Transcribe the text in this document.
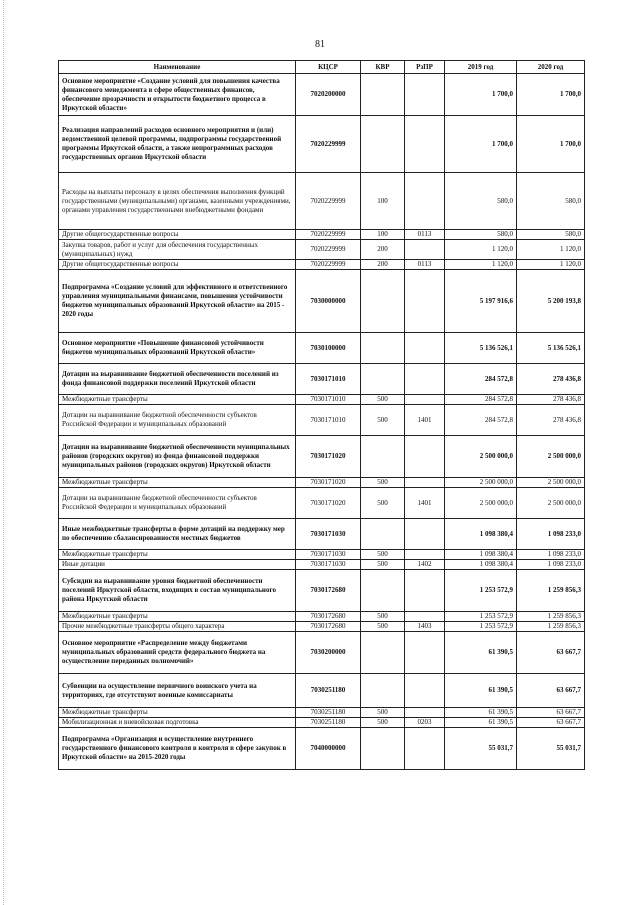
81
Наименование	КЦСР	КВР	РзПР	2019 год	2020 год
Основное мероприятие «Создание условий для повышения качества финансового менеджмента в сфере общественных финансов, обеспечение прозрачности и открытости бюджетного процесса в Иркутской области»	7020200000			1 700,0	1 700,0
Реализация направлений расходов основного мероприятия и (или) ведомственной целевой программы, подпрограммы государственной программы Иркутской области, а также непрограммных расходов государственных органов Иркутской области	7020229999			1 700,0	1 700,0
Расходы на выплаты персоналу в целях обеспечения выполнения функций государственными (муниципальными) органами, казенными учреждениями, органами управления государственными внебюджетными фондами	7020229999	100		580,0	580,0
Другие общегосударственные вопросы	7020229999	100	0113	580,0	580,0
Закупка товаров, работ и услуг для обеспечения государственных (муниципальных) нужд	7020229999	200		1 120,0	1 120,0
Другие общегосударственные вопросы	7020229999	200	0113	1 120,0	1 120,0
Подпрограмма «Создание условий для эффективного и ответственного управления муниципальными финансами, повышения устойчивости бюджетов муниципальных образований Иркутской области» на 2015 - 2020 годы	7030000000			5 197 916,6	5 200 193,8
Основное мероприятие «Повышение финансовой устойчивости бюджетов муниципальных образований Иркутской области»	7030100000			5 136 526,1	5 136 526,1
Дотации на выравнивание бюджетной обеспеченности поселений из фонда финансовой поддержки поселений Иркутской области	7030171010			284 572,8	278 436,8
Межбюджетные трансферты	7030171010	500		284 572,8	278 436,8
Дотации на выравнивание бюджетной обеспеченности субъектов Российской Федерации и муниципальных образований	7030171010	500	1401	284 572,8	278 436,8
Дотации на выравнивание бюджетной обеспеченности муниципальных районов (городских округов) из фонда финансовой поддержки муниципальных районов (городских округов) Иркутской области	7030171020			2 500 000,0	2 500 000,0
Межбюджетные трансферты	7030171020	500		2 500 000,0	2 500 000,0
Дотации на выравнивание бюджетной обеспеченности субъектов Российской Федерации и муниципальных образований	7030171020	500	1401	2 500 000,0	2 500 000,0
Иные межбюджетные трансферты в форме дотаций на поддержку мер по обеспечению сбалансированности местных бюджетов	7030171030			1 098 380,4	1 098 233,0
Межбюджетные трансферты	7030171030	500		1 098 380,4	1 098 233,0
Иные дотации	7030171030	500	1402	1 098 380,4	1 098 233,0
Субсидии на выравнивание уровня бюджетной обеспеченности поселений Иркутской области, входящих в состав муниципального района Иркутской области	7030172680			1 253 572,9	1 259 856,3
Межбюджетные трансферты	7030172680	500		1 253 572,9	1 259 856,3
Прочие межбюджетные трансферты общего характера	7030172680	500	1403	1 253 572,9	1 259 856,3
Основное мероприятие «Распределение между бюджетами муниципальных образований средств федерального бюджета на осуществление переданных полномочий»	7030200000			61 390,5	63 667,7
Субвенции на осуществление первичного воинского учета на территориях, где отсутствуют военные комиссариаты	7030251180			61 390,5	63 667,7
Межбюджетные трансферты	7030251180	500		61 390,5	63 667,7
Мобилизационная и вневойсковая подготовка	7030251180	500	0203	61 390,5	63 667,7
Подпрограмма «Организация и осуществление внутреннего государственного финансового контроля в контроля в сфере закупок в Иркутской области» на 2015-2020 годы	7040000000			55 031,7	55 031,7
